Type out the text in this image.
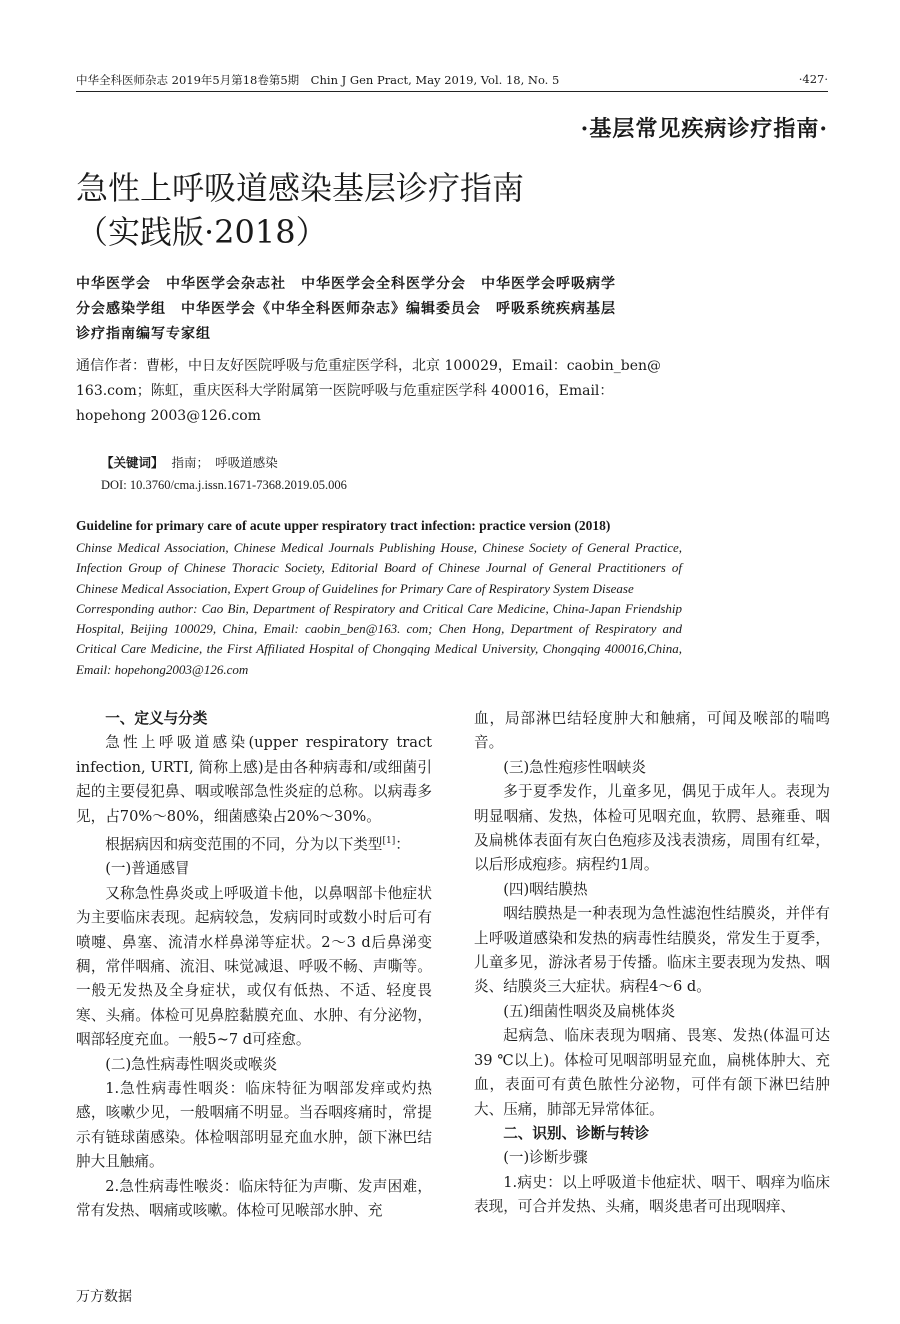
中华全科医师杂志 2019年5月第18卷第5期　Chin J Gen Pract, May 2019, Vol. 18, No. 5	·427·
·基层常见疾病诊疗指南·
急性上呼吸道感染基层诊疗指南
（实践版·2018）
中华医学会　中华医学会杂志社　中华医学会全科医学分会　中华医学会呼吸病学
分会感染学组　中华医学会《中华全科医师杂志》编辑委员会　呼吸系统疾病基层
诊疗指南编写专家组
通信作者：曹彬，中日友好医院呼吸与危重症医学科，北京 100029，Email：caobin_ben@
163.com；陈虹，重庆医科大学附属第一医院呼吸与危重症医学科 400016，Email：
hopehong 2003@126.com
【关键词】 指南；　呼吸道感染
DOI: 10.3760/cma.j.issn.1671-7368.2019.05.006
Guideline for primary care of acute upper respiratory tract infection: practice version (2018)
Chinse Medical Association, Chinese Medical Journals Publishing House, Chinese Society of General Practice, Infection Group of Chinese Thoracic Society, Editorial Board of Chinese Journal of General Practitioners of Chinese Medical Association, Expert Group of Guidelines for Primary Care of Respiratory System Disease
Corresponding author: Cao Bin, Department of Respiratory and Critical Care Medicine, China-Japan Friendship Hospital, Beijing 100029, China, Email: caobin_ben@163. com; Chen Hong, Department of Respiratory and Critical Care Medicine, the First Affiliated Hospital of Chongqing Medical University, Chongqing 400016,China, Email: hopehong2003@126.com
一、定义与分类

急性上呼吸道感染(upper respiratory tract infection, URTI, 简称上感)是由各种病毒和/或细菌引起的主要侵犯鼻、咽或喉部急性炎症的总称。以病毒多见，占70%～80%，细菌感染占20%～30%。

根据病因和病变范围的不同，分为以下类型[1]：

(一)普通感冒

又称急性鼻炎或上呼吸道卡他，以鼻咽部卡他症状为主要临床表现。起病较急，发病同时或数小时后可有喷嚏、鼻塞、流清水样鼻涕等症状。2～3 d后鼻涕变稠，常伴咽痛、流泪、味觉减退、呼吸不畅、声嘶等。一般无发热及全身症状，或仅有低热、不适、轻度畏寒、头痛。体检可见鼻腔黏膜充血、水肿、有分泌物，咽部轻度充血。一般5~7 d可痊愈。

(二)急性病毒性咽炎或喉炎

1.急性病毒性咽炎：临床特征为咽部发痒或灼热感，咳嗽少见，一般咽痛不明显。当吞咽疼痛时，常提示有链球菌感染。体检咽部明显充血水肿，颌下淋巴结肿大且触痛。

2.急性病毒性喉炎：临床特征为声嘶、发声困难，常有发热、咽痛或咳嗽。体检可见喉部水肿、充

血，局部淋巴结轻度肿大和触痛，可闻及喉部的喘鸣音。

(三)急性疱疹性咽峡炎

多于夏季发作，儿童多见，偶见于成年人。表现为明显咽痛、发热，体检可见咽充血，软腭、悬雍垂、咽及扁桃体表面有灰白色疱疹及浅表溃疡，周围有红晕，以后形成疱疹。病程约1周。

(四)咽结膜热

咽结膜热是一种表现为急性滤泡性结膜炎，并伴有上呼吸道感染和发热的病毒性结膜炎，常发生于夏季，儿童多见，游泳者易于传播。临床主要表现为发热、咽炎、结膜炎三大症状。病程4～6 d。

(五)细菌性咽炎及扁桃体炎

起病急、临床表现为咽痛、畏寒、发热(体温可达39 ℃以上)。体检可见咽部明显充血，扁桃体肿大、充血，表面可有黄色脓性分泌物，可伴有颌下淋巴结肿大、压痛，肺部无异常体征。

二、识别、诊断与转诊
(一)诊断步骤

1.病史：以上呼吸道卡他症状、咽干、咽痒为临床表现，可合并发热、头痛，咽炎患者可出现咽痒、

万方数据
